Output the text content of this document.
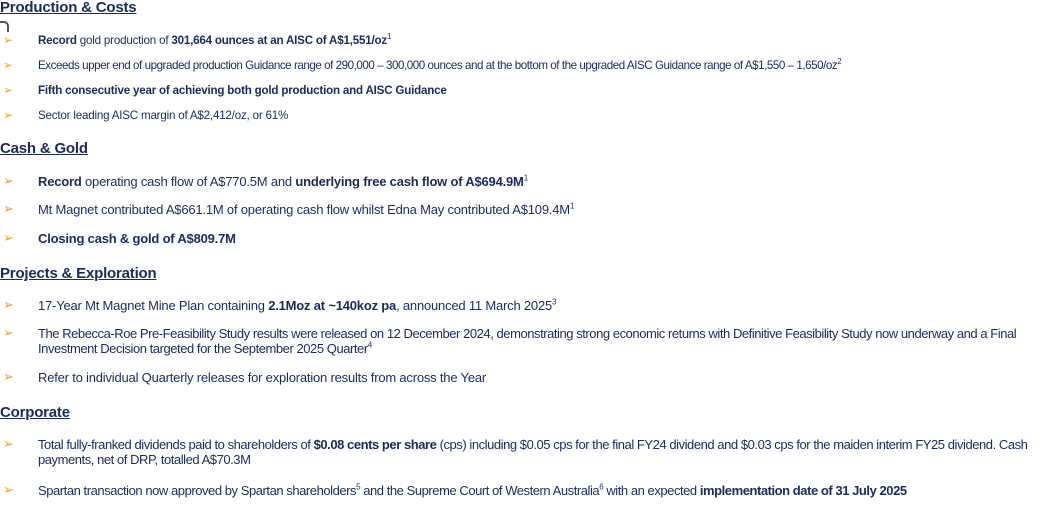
Production & Costs
➢ Record gold production of 301,664 ounces at an AISC of $A\$1,551/oz^1$
➢ Exceeds upper end of upgraded production Guidance range of 290,000 – 300,000 ounces and at the bottom of the upgraded AISC Guidance range of A$1,550 – $1,650/oz^2$
➢ Fifth consecutive year of achieving both gold production and AISC Guidance
➢ Sector leading AISC margin of A$2,412/oz, or 61%
Cash & Gold
➢ Record operating cash flow of A$770.5M and underlying free cash flow of $A\$694.9M^1$
➢ Mt Magnet contributed A$661.1M of operating cash flow whilst Edna May contributed $A\$109.4M^1$
➢ Closing cash & gold of A$809.7M
Projects & Exploration
➢ 17-Year Mt Magnet Mine Plan containing 2.1Moz at ~140koz pa, announced 11 March 2025$^3$
➢ The Rebecca-Roe Pre-Feasibility Study results were released on 12 December 2024, demonstrating strong economic returns with Definitive Feasibility Study now underway and a Final Investment Decision targeted for the September 2025 Quarter$^4$
➢ Refer to individual Quarterly releases for exploration results from across the Year
Corporate
➢ Total fully-franked dividends paid to shareholders of $0.08 cents per share (cps) including $0.05 cps for the final FY24 dividend and $0.03 cps for the maiden interim FY25 dividend. Cash payments, net of DRP, totalled A$70.3M
➢ Spartan transaction now approved by Spartan shareholders$^5$ and the Supreme Court of Western Australia$^6$ with an expected implementation date of 31 July 2025
